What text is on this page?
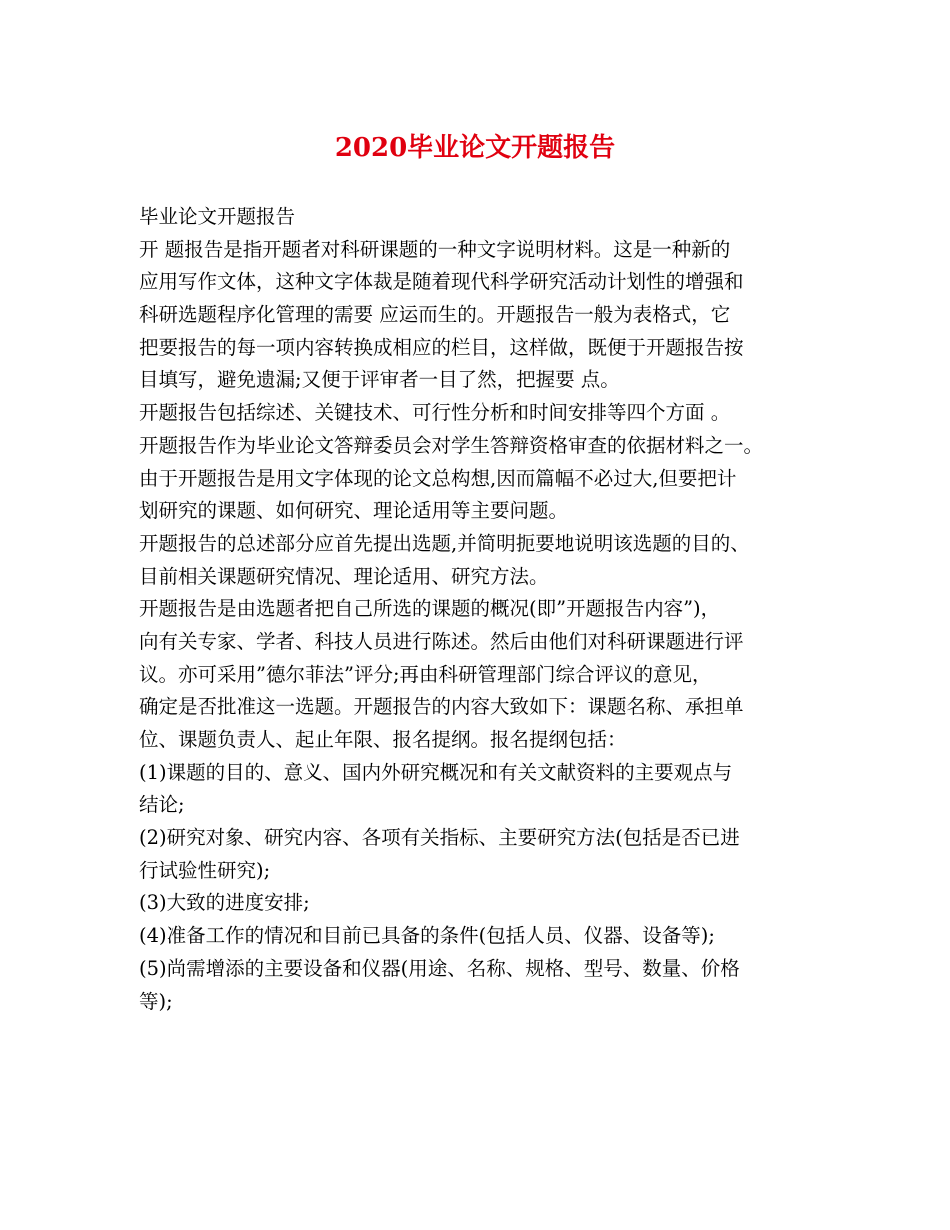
2020毕业论文开题报告
毕业论文开题报告
开 题报告是指开题者对科研课题的一种文字说明材料。这是一种新的
应用写作文体，这种文字体裁是随着现代科学研究活动计划性的增强和
科研选题程序化管理的需要 应运而生的。开题报告一般为表格式，它
把要报告的每一项内容转换成相应的栏目，这样做，既便于开题报告按
目填写，避免遗漏;又便于评审者一目了然，把握要 点。
开题报告包括综述、关键技术、可行性分析和时间安排等四个方面 。
开题报告作为毕业论文答辩委员会对学生答辩资格审查的依据材料之一。
由于开题报告是用文字体现的论文总构想,因而篇幅不必过大,但要把计
划研究的课题、如何研究、理论适用等主要问题。
开题报告的总述部分应首先提出选题,并简明扼要地说明该选题的目的、
目前相关课题研究情况、理论适用、研究方法。
开题报告是由选题者把自己所选的课题的概况(即”开题报告内容”)，
向有关专家、学者、科技人员进行陈述。然后由他们对科研课题进行评
议。亦可采用”德尔菲法”评分;再由科研管理部门综合评议的意见，
确定是否批准这一选题。开题报告的内容大致如下：课题名称、承担单
位、课题负责人、起止年限、报名提纲。报名提纲包括：
(1)课题的目的、意义、国内外研究概况和有关文献资料的主要观点与
结论;
(2)研究对象、研究内容、各项有关指标、主要研究方法(包括是否已进
行试验性研究);
(3)大致的进度安排;
(4)准备工作的情况和目前已具备的条件(包括人员、仪器、设备等);
(5)尚需增添的主要设备和仪器(用途、名称、规格、型号、数量、价格
等);
